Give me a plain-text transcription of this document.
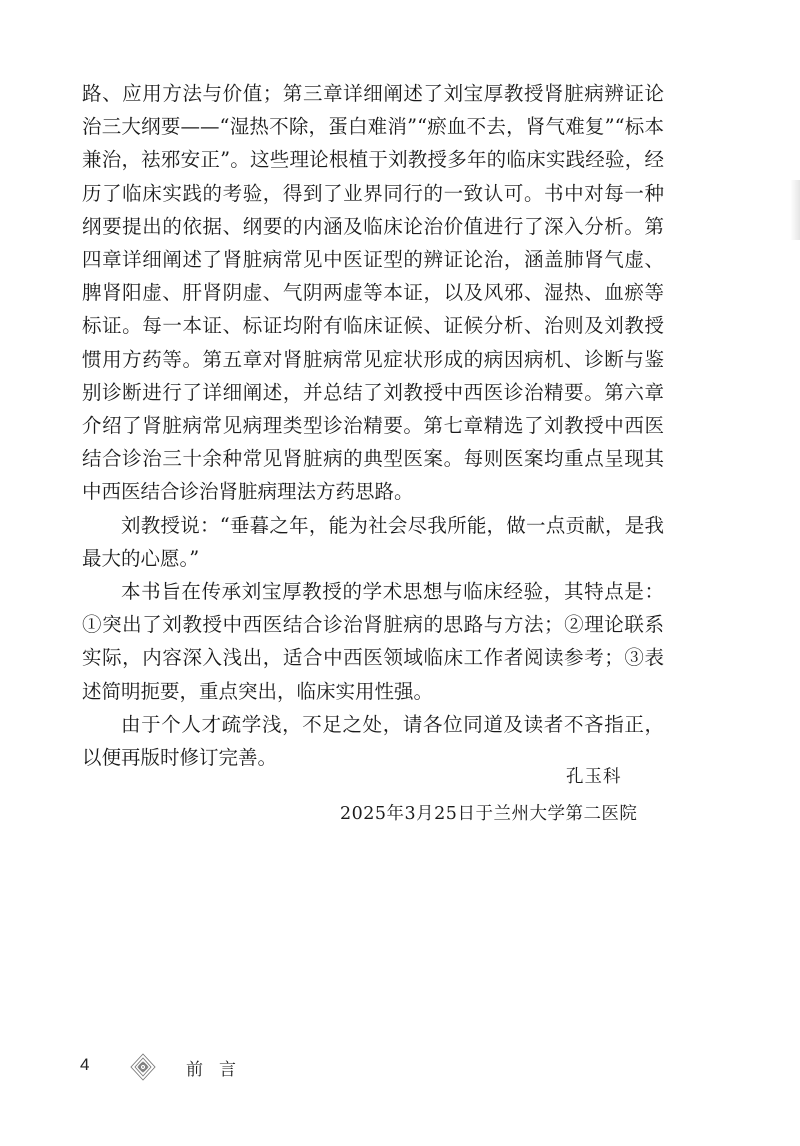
路、应用方法与价值；第三章详细阐述了刘宝厚教授肾脏病辨证论治三大纲要——“湿热不除，蛋白难消”“瘀血不去，肾气难复”“标本兼治，祛邪安正”。这些理论根植于刘教授多年的临床实践经验，经历了临床实践的考验，得到了业界同行的一致认可。书中对每一种纲要提出的依据、纲要的内涵及临床论治价值进行了深入分析。第四章详细阐述了肾脏病常见中医证型的辨证论治，涵盖肺肾气虚、脾肾阳虚、肝肾阴虚、气阴两虚等本证，以及风邪、湿热、血瘀等标证。每一本证、标证均附有临床证候、证候分析、治则及刘教授惯用方药等。第五章对肾脏病常见症状形成的病因病机、诊断与鉴别诊断进行了详细阐述，并总结了刘教授中西医诊治精要。第六章介绍了肾脏病常见病理类型诊治精要。第七章精选了刘教授中西医结合诊治三十余种常见肾脏病的典型医案。每则医案均重点呈现其中西医结合诊治肾脏病理法方药思路。

刘教授说：“垂暮之年，能为社会尽我所能，做一点贡献，是我最大的心愿。”

本书旨在传承刘宝厚教授的学术思想与临床经验，其特点是：①突出了刘教授中西医结合诊治肾脏病的思路与方法；②理论联系实际，内容深入浅出，适合中西医领域临床工作者阅读参考；③表述简明扼要，重点突出，临床实用性强。

由于个人才疏学浅，不足之处，请各位同道及读者不吝指正，以便再版时修订完善。

孔玉科
2025年3月25日于兰州大学第二医院
4	前言
